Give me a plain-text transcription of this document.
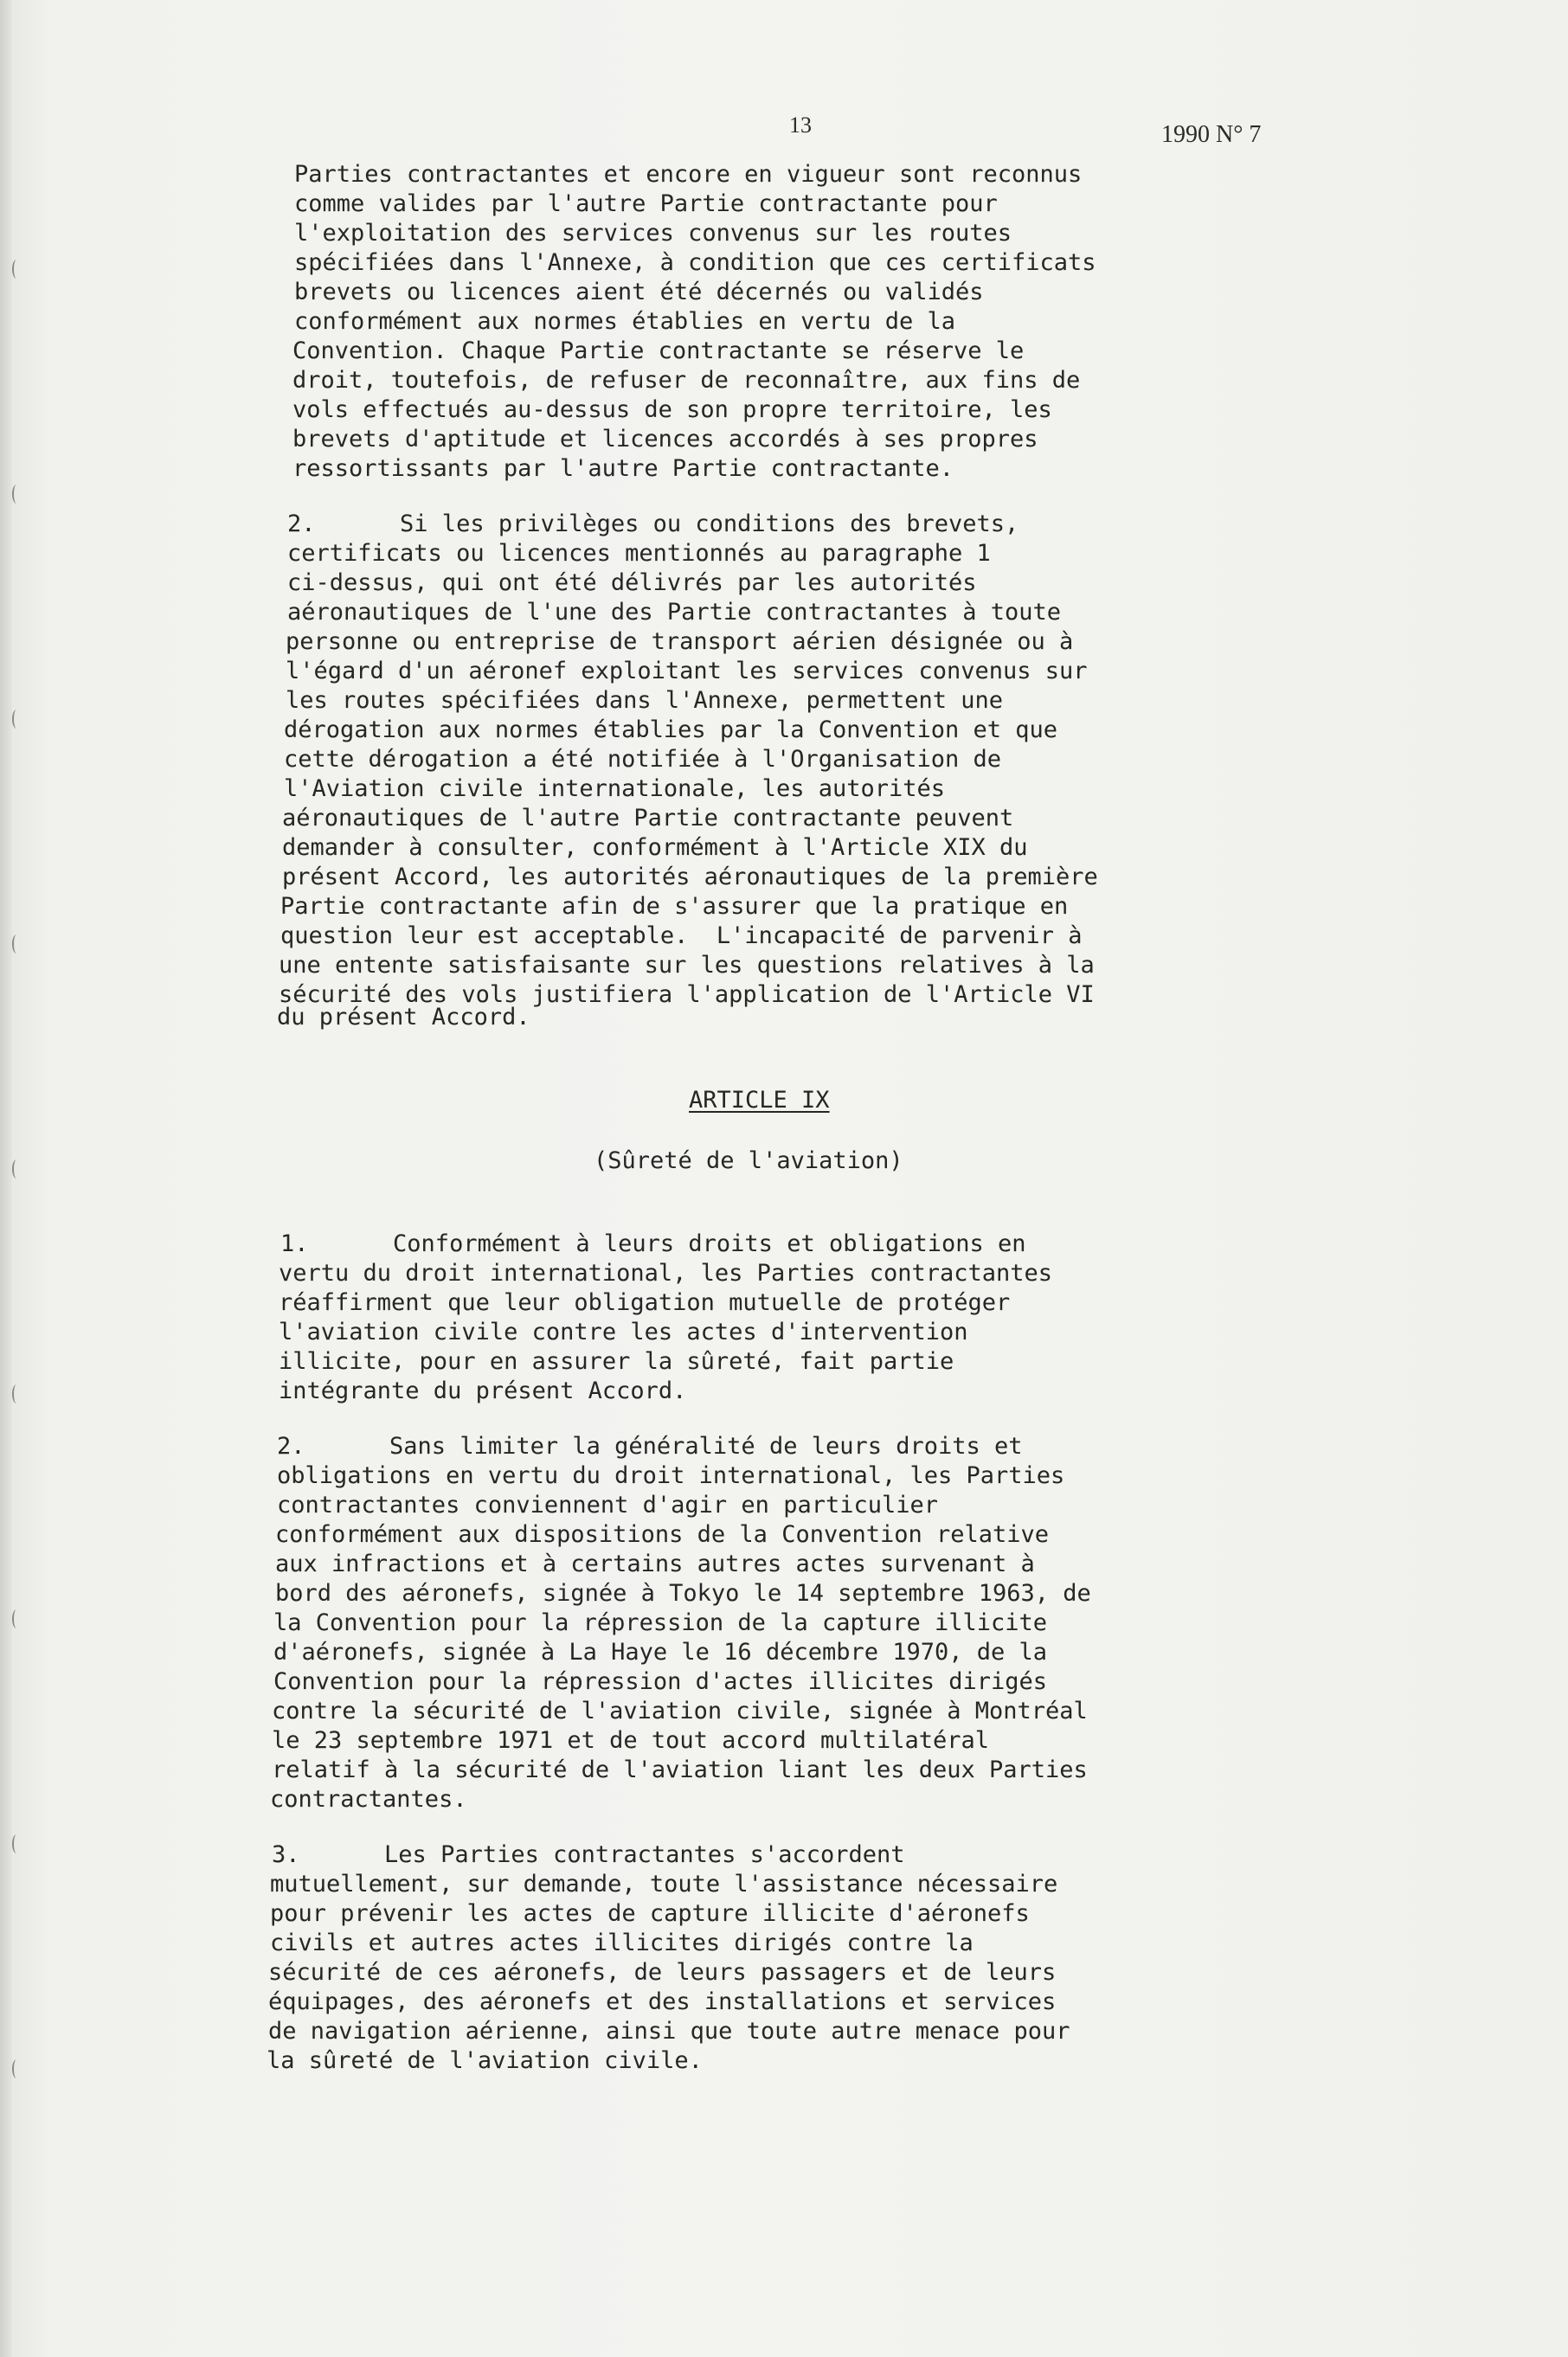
13	1990 N° 7

Parties contractantes et encore en vigueur sont reconnus

comme valides par l'autre Partie contractante pour

l'exploitation des services convenus sur les routes

spécifiées dans l'Annexe, à condition que ces certificats

brevets ou licences aient été décernés ou validés

conformément aux normes établies en vertu de la

Convention. Chaque Partie contractante se réserve le

droit, toutefois, de refuser de reconnaître, aux fins de

vols effectués au-dessus de son propre territoire, les

brevets d'aptitude et licences accordés à ses propres

ressortissants par l'autre Partie contractante.

2.      Si les privilèges ou conditions des brevets,

certificats ou licences mentionnés au paragraphe 1

ci-dessus, qui ont été délivrés par les autorités

aéronautiques de l'une des Partie contractantes à toute

personne ou entreprise de transport aérien désignée ou à

l'égard d'un aéronef exploitant les services convenus sur

les routes spécifiées dans l'Annexe, permettent une

dérogation aux normes établies par la Convention et que

cette dérogation a été notifiée à l'Organisation de

l'Aviation civile internationale, les autorités

aéronautiques de l'autre Partie contractante peuvent

demander à consulter, conformément à l'Article XIX du

présent Accord, les autorités aéronautiques de la première

Partie contractante afin de s'assurer que la pratique en

question leur est acceptable.  L'incapacité de parvenir à

une entente satisfaisante sur les questions relatives à la

sécurité des vols justifiera l'application de l'Article VI

du présent Accord.

ARTICLE IX

(Sûreté de l'aviation)

1.      Conformément à leurs droits et obligations en

vertu du droit international, les Parties contractantes

réaffirment que leur obligation mutuelle de protéger

l'aviation civile contre les actes d'intervention

illicite, pour en assurer la sûreté, fait partie

intégrante du présent Accord.

2.      Sans limiter la généralité de leurs droits et

obligations en vertu du droit international, les Parties

contractantes conviennent d'agir en particulier

conformément aux dispositions de la Convention relative

aux infractions et à certains autres actes survenant à

bord des aéronefs, signée à Tokyo le 14 septembre 1963, de

la Convention pour la répression de la capture illicite

d'aéronefs, signée à La Haye le 16 décembre 1970, de la

Convention pour la répression d'actes illicites dirigés

contre la sécurité de l'aviation civile, signée à Montréal

le 23 septembre 1971 et de tout accord multilatéral

relatif à la sécurité de l'aviation liant les deux Parties

contractantes.

3.      Les Parties contractantes s'accordent

mutuellement, sur demande, toute l'assistance nécessaire

pour prévenir les actes de capture illicite d'aéronefs

civils et autres actes illicites dirigés contre la

sécurité de ces aéronefs, de leurs passagers et de leurs

équipages, des aéronefs et des installations et services

de navigation aérienne, ainsi que toute autre menace pour

la sûreté de l'aviation civile.
